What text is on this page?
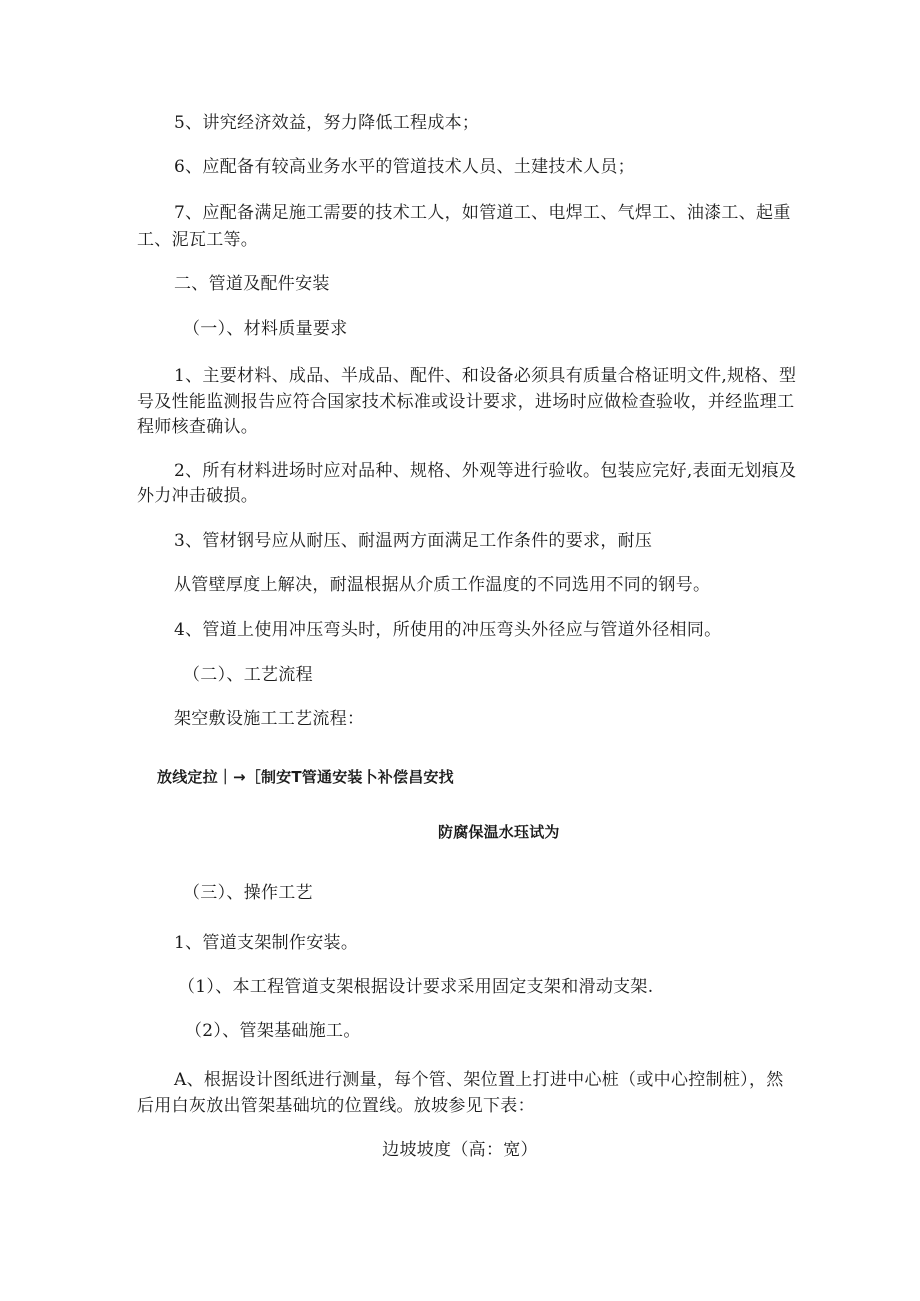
5、讲究经济效益，努力降低工程成本；
6、应配备有较高业务水平的管道技术人员、土建技术人员；
7、应配备满足施工需要的技术工人，如管道工、电焊工、气焊工、油漆工、起重
工、泥瓦工等。
二、管道及配件安装
（一）、材料质量要求
1、主要材料、成品、半成品、配件、和设备必须具有质量合格证明文件,规格、型
号及性能监测报告应符合国家技术标准或设计要求，进场时应做检查验收，并经监理工
程师核查确认。
2、所有材料进场时应对品种、规格、外观等进行验收。包装应完好,表面无划痕及
外力冲击破损。
3、管材钢号应从耐压、耐温两方面满足工作条件的要求，耐压
从管壁厚度上解决，耐温根据从介质工作温度的不同选用不同的钢号。
4、管道上使用冲压弯头时，所使用的冲压弯头外径应与管道外径相同。
（二）、工艺流程
架空敷设施工工艺流程：
放线定拉｜→［制安T管通安装卜补偿昌安找
防腐保温水珏试为
（三）、操作工艺
1、管道支架制作安装。
（1）、本工程管道支架根据设计要求采用固定支架和滑动支架.
（2）、管架基础施工。
A、根据设计图纸进行测量，每个管、架位置上打进中心桩（或中心控制桩），然
后用白灰放出管架基础坑的位置线。放坡参见下表：
边坡坡度（高：宽）
